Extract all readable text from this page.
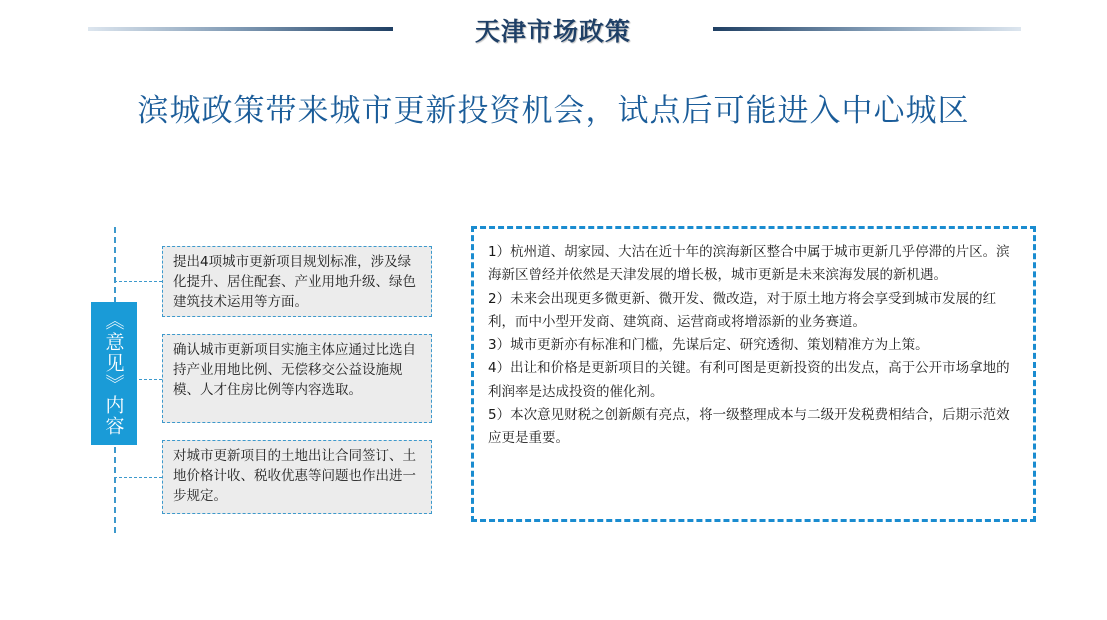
天津市场政策
滨城政策带来城市更新投资机会，试点后可能进入中心城区
《意见》内容
提出4项城市更新项目规划标准，涉及绿化提升、居住配套、产业用地升级、绿色建筑技术运用等方面。
确认城市更新项目实施主体应通过比选自持产业用地比例、无偿移交公益设施规模、人才住房比例等内容选取。
对城市更新项目的土地出让合同签订、土地价格计收、税收优惠等问题也作出进一步规定。
1）杭州道、胡家园、大沽在近十年的滨海新区整合中属于城市更新几乎停滞的片区。滨海新区曾经并依然是天津发展的增长极，城市更新是未来滨海发展的新机遇。
2）未来会出现更多微更新、微开发、微改造，对于原土地方将会享受到城市发展的红利，而中小型开发商、建筑商、运营商或将增添新的业务赛道。
3）城市更新亦有标准和门槛，先谋后定、研究透彻、策划精准方为上策。
4）出让和价格是更新项目的关键。有利可图是更新投资的出发点，高于公开市场拿地的利润率是达成投资的催化剂。
5）本次意见财税之创新颇有亮点，将一级整理成本与二级开发税费相结合，后期示范效应更是重要。
